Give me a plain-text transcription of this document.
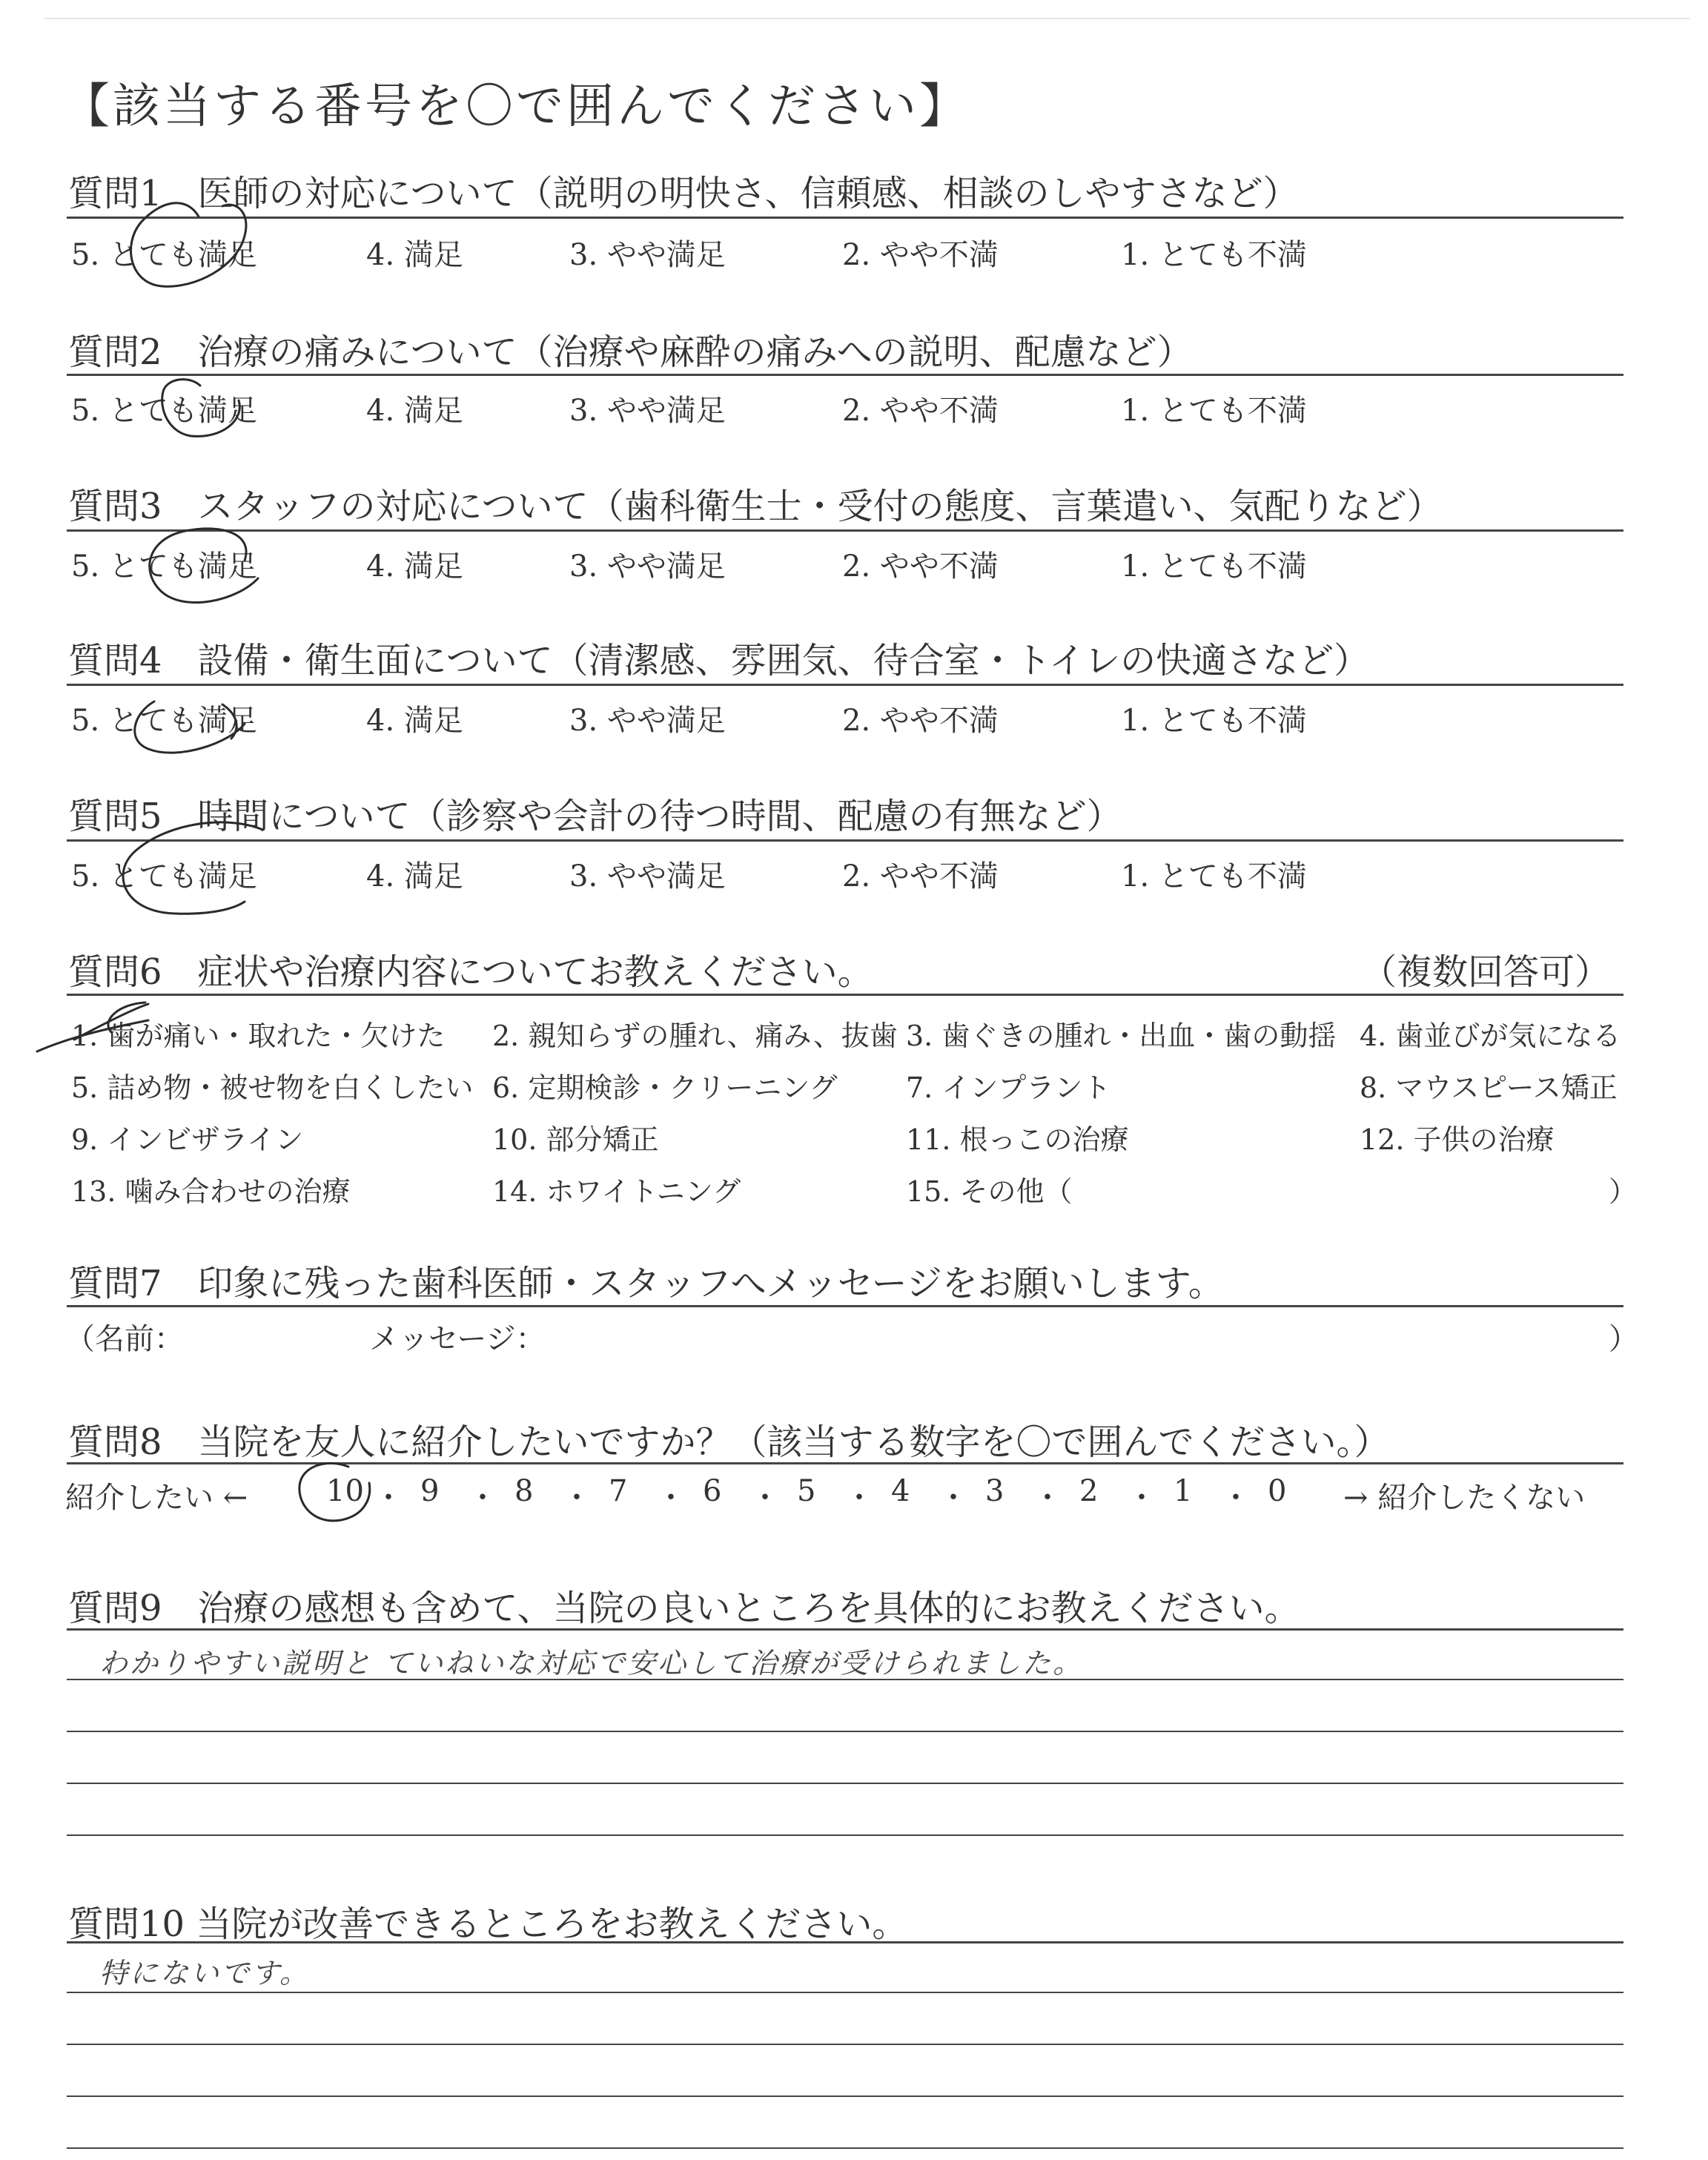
【該当する番号を〇で囲んでください】
質問1　医師の対応について（説明の明快さ、信頼感、相談のしやすさなど）
5. とても満足	4. 満足	3. やや満足	2. やや不満	1. とても不満
質問2　治療の痛みについて（治療や麻酔の痛みへの説明、配慮など）
5. とても満足	4. 満足	3. やや満足	2. やや不満	1. とても不満
質問3　スタッフの対応について（歯科衛生士・受付の態度、言葉遣い、気配りなど）
5. とても満足	4. 満足	3. やや満足	2. やや不満	1. とても不満
質問4　設備・衛生面について（清潔感、雰囲気、待合室・トイレの快適さなど）
5. とても満足	4. 満足	3. やや満足	2. やや不満	1. とても不満
質問5　時間について（診察や会計の待つ時間、配慮の有無など）
5. とても満足	4. 満足	3. やや満足	2. やや不満	1. とても不満
質問6　症状や治療内容についてお教えください。	（複数回答可）
1. 歯が痛い・取れた・欠けた 2. 親知らずの腫れ、痛み、抜歯 3. 歯ぐきの腫れ・出血・歯の動揺 4. 歯並びが気になる
5. 詰め物・被せ物を白くしたい 6. 定期検診・クリーニング 7. インプラント	8. マウスピース矯正
9. インビザライン	10. 部分矯正	11. 根っこの治療	12. 子供の治療
13. 噛み合わせの治療	14. ホワイトニング	15. その他（	）
質問7　印象に残った歯科医師・スタッフへメッセージをお願いします。
（名前：	メッセージ：	）
質問8　当院を友人に紹介したいですか？（該当する数字を〇で囲んでください。）
紹介したい ←	10 ・ 9 ・ 8 ・ 7 ・ 6 ・ 5 ・ 4 ・ 3 ・ 2 ・ 1 ・ 0 → 紹介したくない
質問9　治療の感想も含めて、当院の良いところを具体的にお教えください。
わかりやすい説明と ていねいな対応で安心して治療が受けられました。
質問10 当院が改善できるところをお教えください。
特にないです。
